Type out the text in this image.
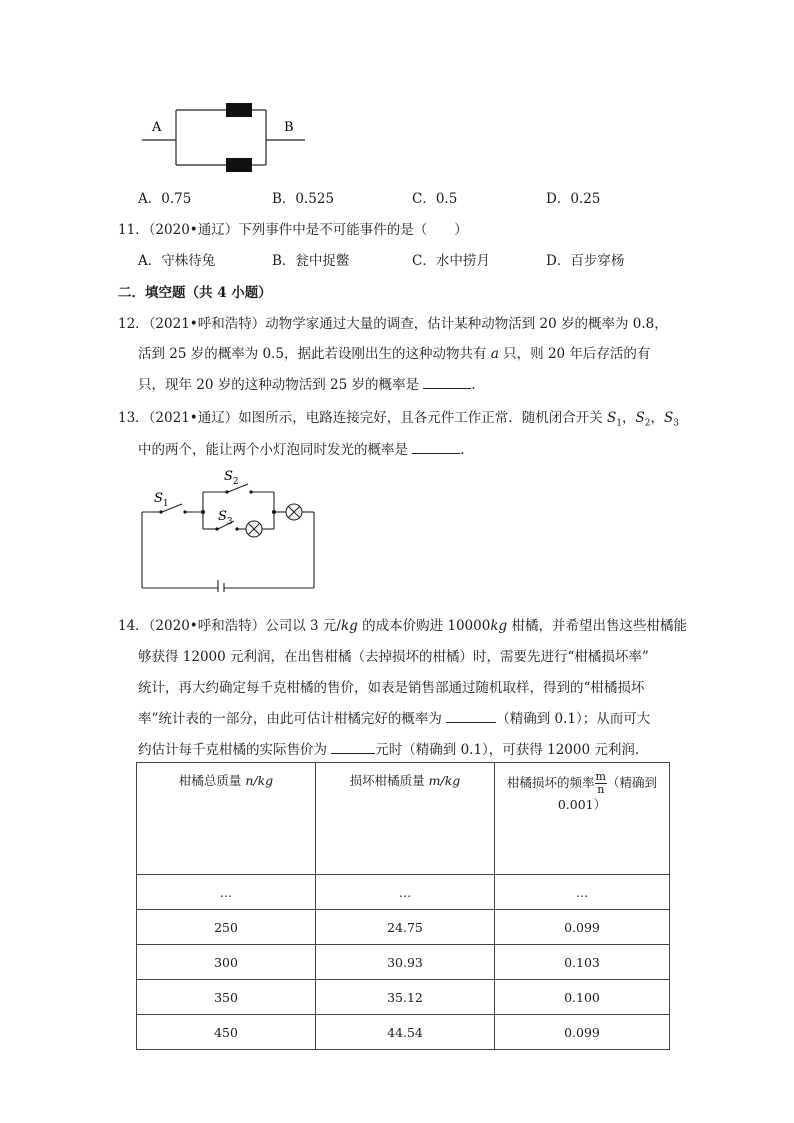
A	B
A．0.75	B．0.525	C．0.5	D．0.25
11．（2020•通辽）下列事件中是不可能事件的是（　　）
A．守株待兔	B．瓮中捉鳖	C．水中捞月	D．百步穿杨
二．填空题（共 4 小题）
12．（2021•呼和浩特）动物学家通过大量的调查，估计某种动物活到 20 岁的概率为 0.8，
活到 25 岁的概率为 0.5，据此若设刚出生的这种动物共有 a 只，则 20 年后存活的有
只，现年 20 岁的这种动物活到 25 岁的概率是	.
13．（2021•通辽）如图所示，电路连接完好，且各元件工作正常．随机闭合开关 $S_1$，$S_2$，$S_3$
中的两个，能让两个小灯泡同时发光的概率是	.
$S_1$
$S_2$
$S_3$
14．（2020•呼和浩特）公司以 3 元/kg 的成本价购进 10000kg 柑橘，并希望出售这些柑橘能
够获得 12000 元利润，在出售柑橘（去掉损坏的柑橘）时，需要先进行“柑橘损坏率”
统计，再大约确定每千克柑橘的售价，如表是销售部通过随机取样，得到的“柑橘损坏
率”统计表的一部分，由此可估计柑橘完好的概率为	（精确到 0.1）；从而可大
约估计每千克柑橘的实际售价为	元时（精确到 0.1），可获得 12000 元利润.
柑橘总质量 n/kg	损坏柑橘质量 m/kg	柑橘损坏的频率 $\frac{m}{n}$ （精确到
0.001）
…	…	…
250	24.75	0.099
300	30.93	0.103
350	35.12	0.100
450	44.54	0.099
